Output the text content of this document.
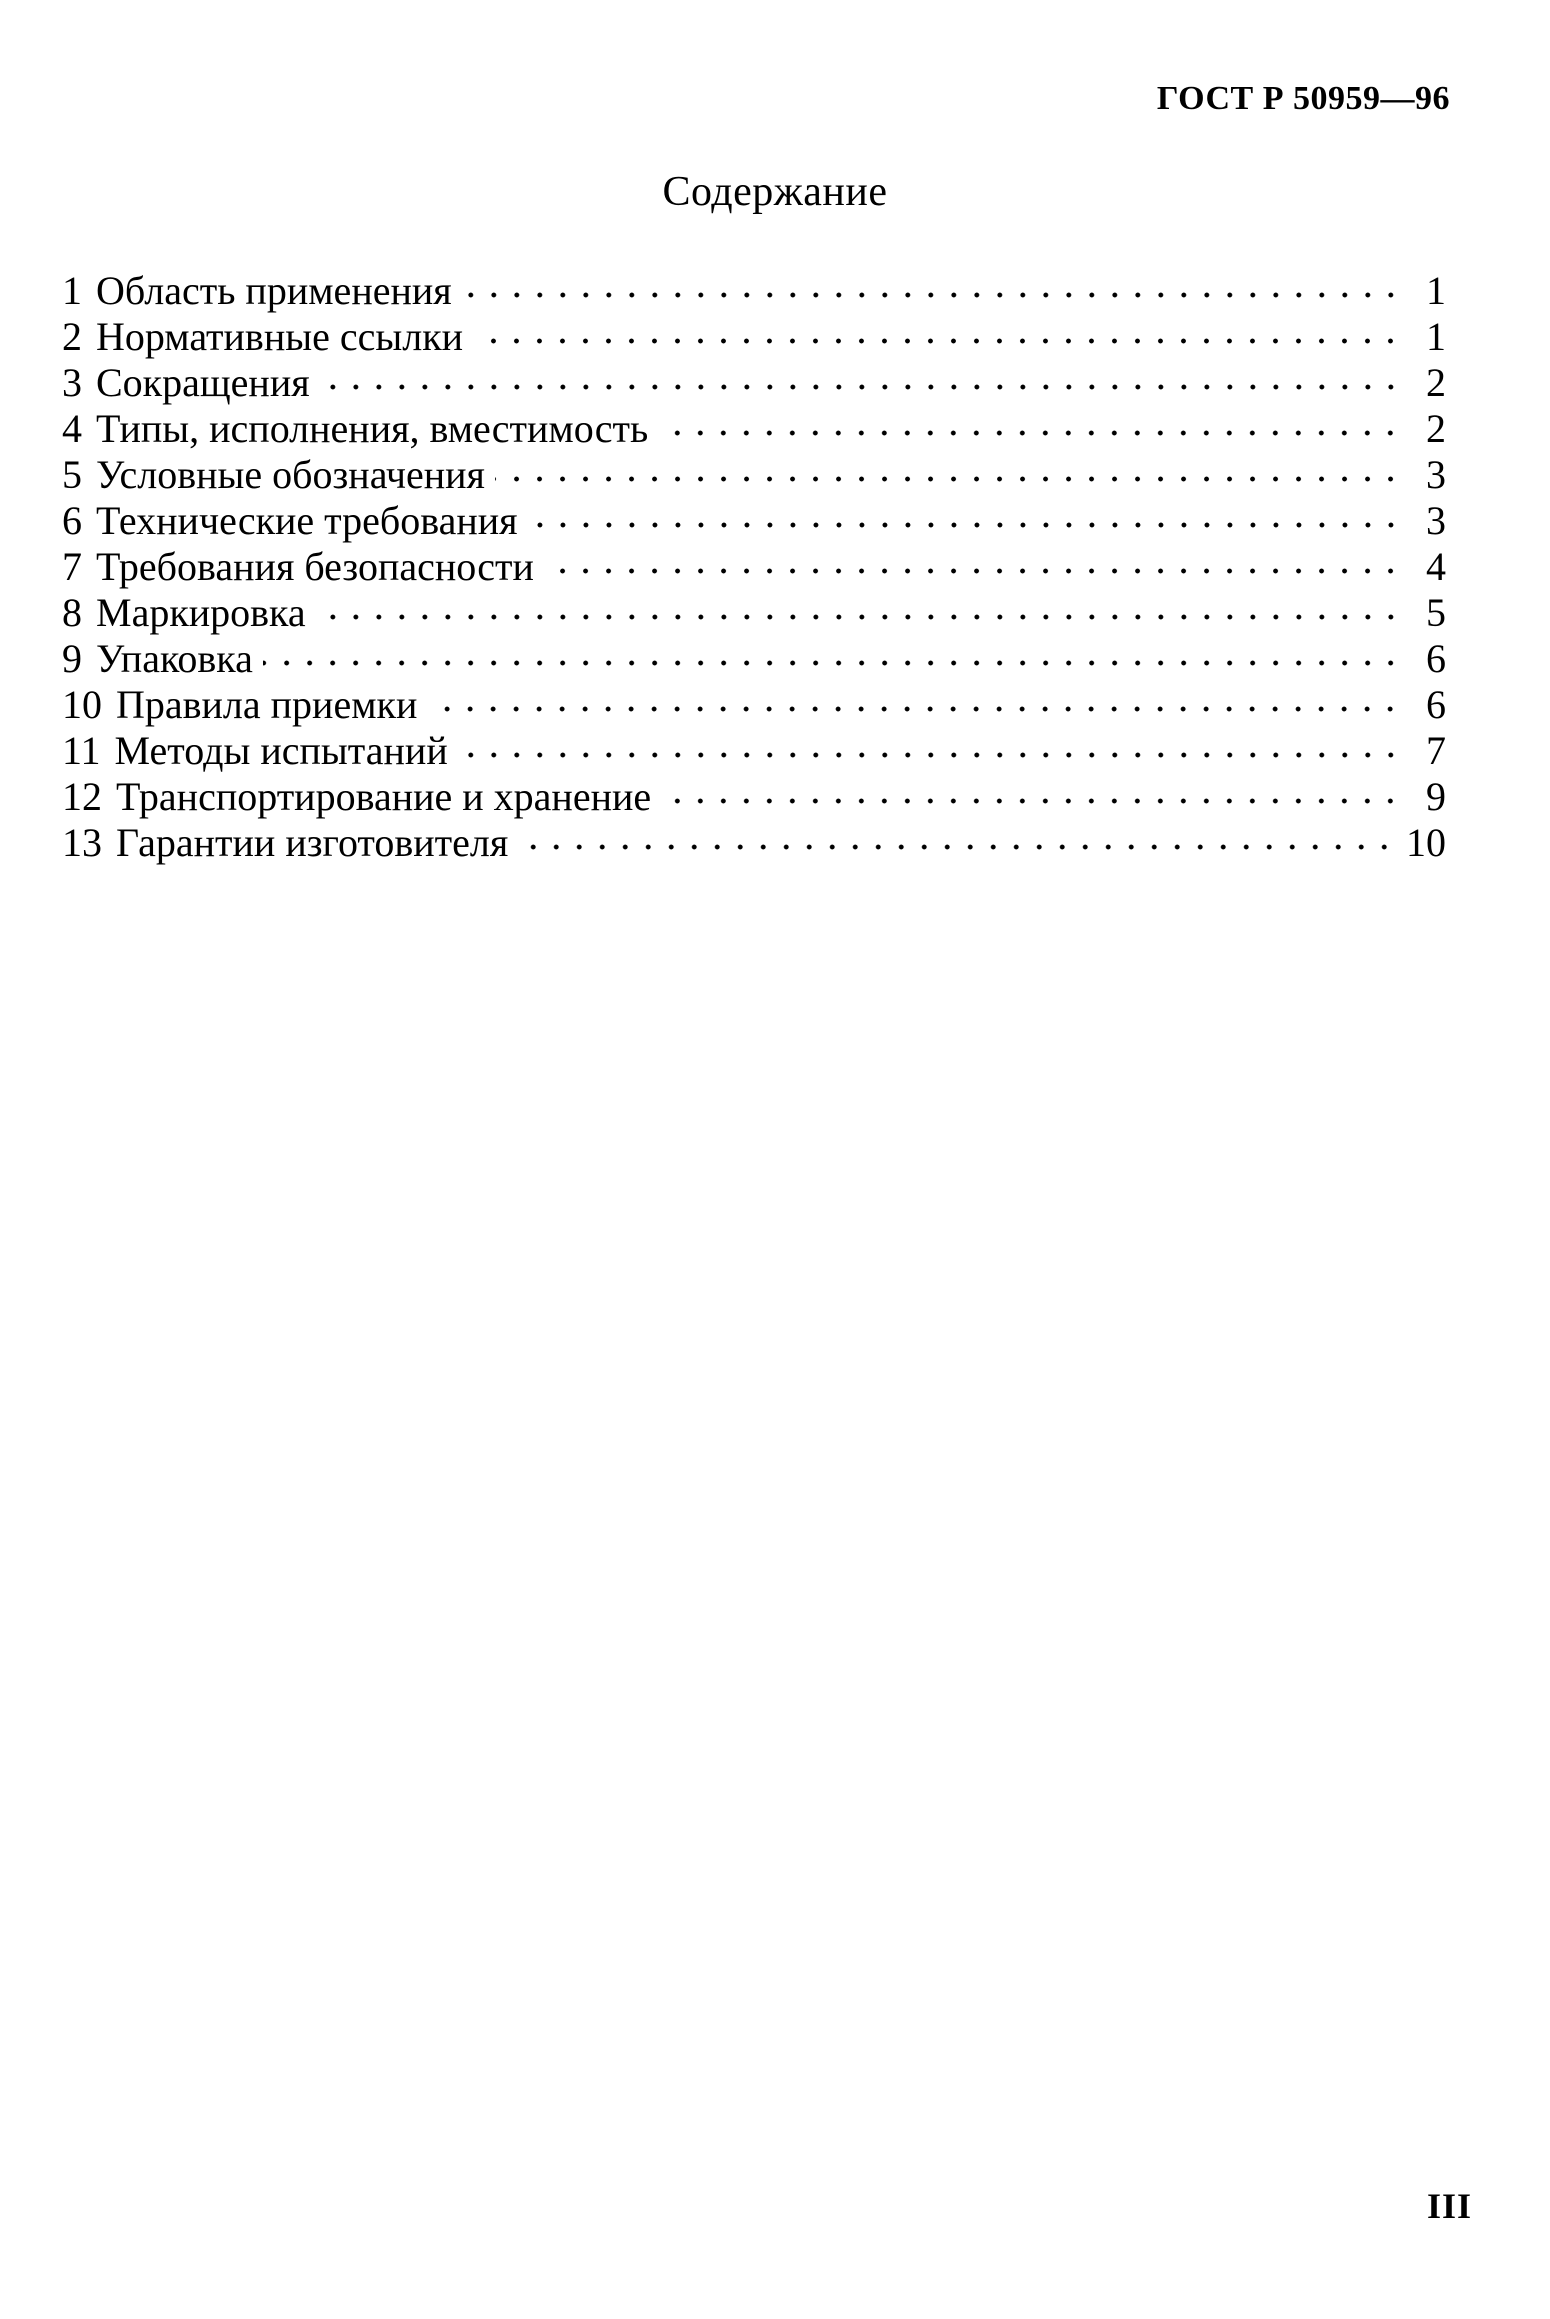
ГОСТ Р 50959—96
Содержание
1 Область применения	1
2 Нормативные ссылки	1
3 Сокращения	2
4 Типы, исполнения, вместимость	2
5 Условные обозначения	3
6 Технические требования	3
7 Требования безопасности	4
8 Маркировка	5
9 Упаковка	6
10 Правила приемки	6
11 Методы испытаний	7
12 Транспортирование и хранение	9
13 Гарантии изготовителя	10
III
